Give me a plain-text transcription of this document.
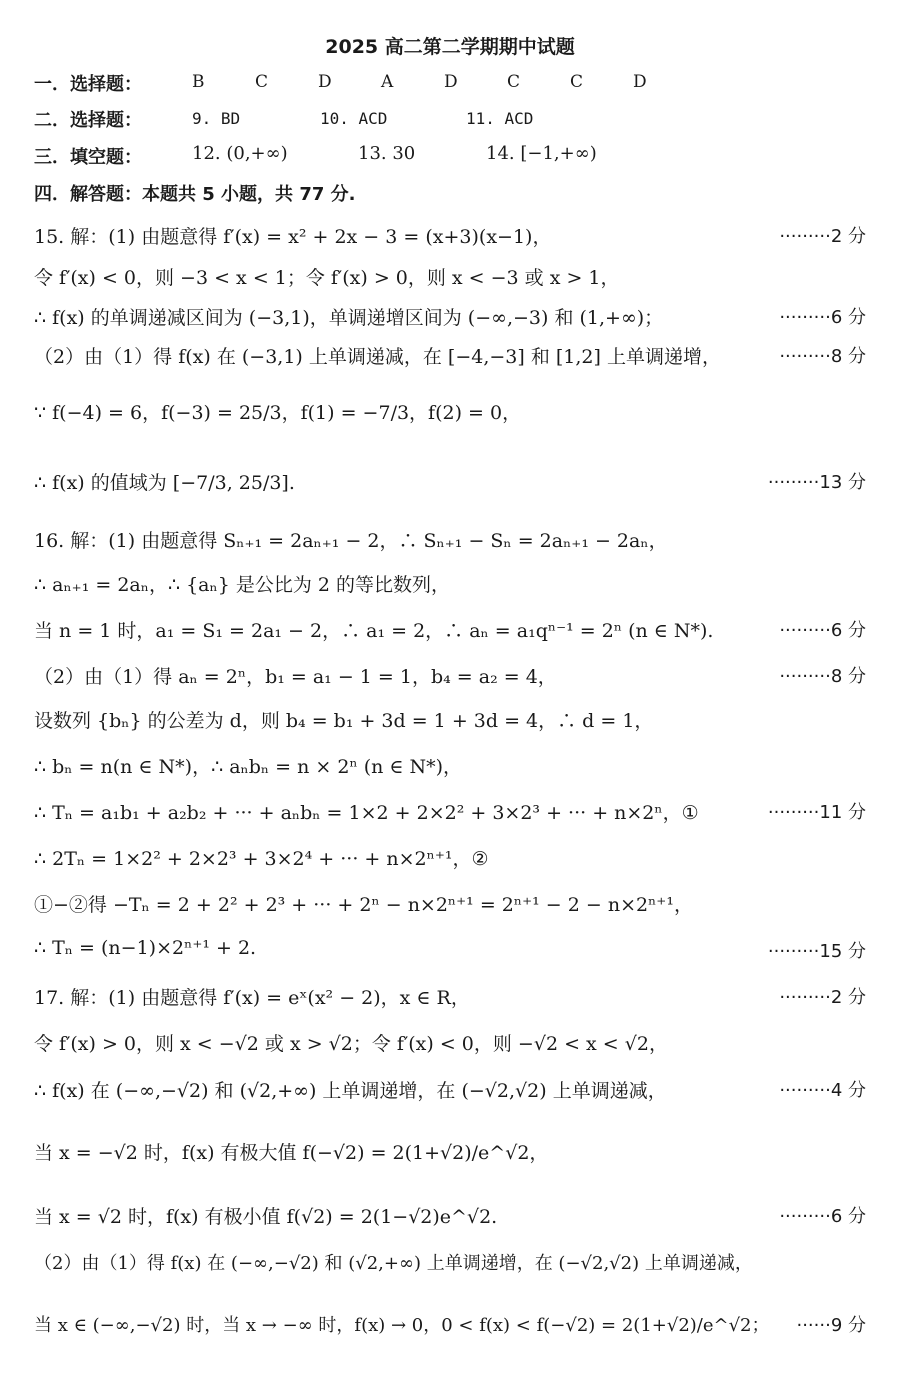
2025 高二第二学期期中试题
一．选择题：	B	C	D	A	D	C	C	D
二．选择题：	9. BD	10. ACD	11. ACD
三．填空题：	12. (0,+∞)	13. 30	14. [−1,+∞)
四．解答题：本题共 5 小题，共 77 分.
15. 解：(1) 由题意得 f′(x) = x² + 2x − 3 = (x+3)(x−1)，	·········2 分
令 f′(x) < 0，则 −3 < x < 1；令 f′(x) > 0，则 x < −3 或 x > 1，
∴ f(x) 的单调递减区间为 (−3,1)，单调递增区间为 (−∞,−3) 和 (1,+∞)；	·········6 分
（2）由（1）得 f(x) 在 (−3,1) 上单调递减，在 [−4,−3] 和 [1,2] 上单调递增，	·········8 分
∵ f(−4) = 6，f(−3) = 25/3，f(1) = −7/3，f(2) = 0，
∴ f(x) 的值域为 [−7/3, 25/3].	·········13 分
16. 解：(1) 由题意得 Sₙ₊₁ = 2aₙ₊₁ − 2，∴ Sₙ₊₁ − Sₙ = 2aₙ₊₁ − 2aₙ，
∴ aₙ₊₁ = 2aₙ，∴ {aₙ} 是公比为 2 的等比数列，
当 n = 1 时，a₁ = S₁ = 2a₁ − 2，∴ a₁ = 2，∴ aₙ = a₁qⁿ⁻¹ = 2ⁿ (n ∈ N*).	·········6 分
（2）由（1）得 aₙ = 2ⁿ，b₁ = a₁ − 1 = 1，b₄ = a₂ = 4，	·········8 分
设数列 {bₙ} 的公差为 d，则 b₄ = b₁ + 3d = 1 + 3d = 4，∴ d = 1，
∴ bₙ = n(n ∈ N*)，∴ aₙbₙ = n × 2ⁿ (n ∈ N*)，
∴ Tₙ = a₁b₁ + a₂b₂ + ··· + aₙbₙ = 1×2 + 2×2² + 3×2³ + ··· + n×2ⁿ，①	·········11 分
∴ 2Tₙ = 1×2² + 2×2³ + 3×2⁴ + ··· + n×2ⁿ⁺¹，②
①−②得 −Tₙ = 2 + 2² + 2³ + ··· + 2ⁿ − n×2ⁿ⁺¹ = 2ⁿ⁺¹ − 2 − n×2ⁿ⁺¹，
∴ Tₙ = (n−1)×2ⁿ⁺¹ + 2.	·········15 分
17. 解：(1) 由题意得 f′(x) = eˣ(x² − 2)，x ∈ R，	·········2 分
令 f′(x) > 0，则 x < −√2 或 x > √2；令 f′(x) < 0，则 −√2 < x < √2，
∴ f(x) 在 (−∞,−√2) 和 (√2,+∞) 上单调递增，在 (−√2,√2) 上单调递减，	·········4 分
当 x = −√2 时，f(x) 有极大值 f(−√2) = 2(1+√2)/e^√2，
当 x = √2 时，f(x) 有极小值 f(√2) = 2(1−√2)e^√2.	·········6 分
（2）由（1）得 f(x) 在 (−∞,−√2) 和 (√2,+∞) 上单调递增，在 (−√2,√2) 上单调递减，
当 x ∈ (−∞,−√2) 时，当 x → −∞ 时，f(x) → 0，0 < f(x) < f(−√2) = 2(1+√2)/e^√2； ······9 分
